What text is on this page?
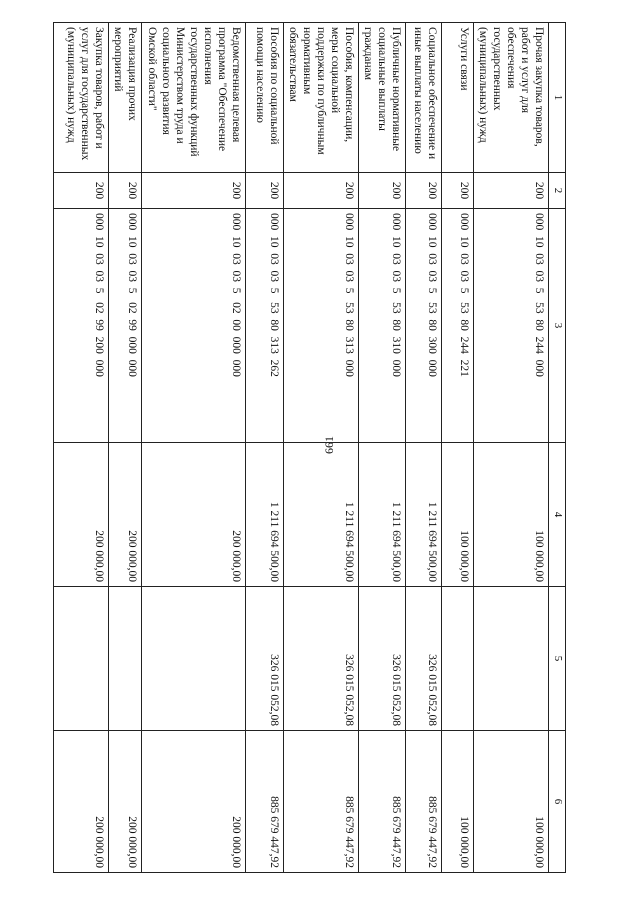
661
1	2	3	4	5	6
Прочая закупка товаров, работ и услуг для обеспечения государственных (муниципальных) нужд	200	000  10  03  03  5   53  80  244  000	100 000,00		100 000,00
Услуги связи	200	000  10  03  03  5   53  80  244  221	100 000,00		100 000,00
Социальное обеспечение и иные выплаты населению	200	000  10  03  03  5   53  80  300  000	1 211 694 500,00	326 015 052,08	885 679 447,92
Публичные нормативные социальные выплаты гражданам	200	000  10  03  03  5   53  80  310  000	1 211 694 500,00	326 015 052,08	885 679 447,92
Пособия, компенсации, меры социальной поддержки по публичным нормативным обязательствам	200	000  10  03  03  5   53  80  313  000	1 211 694 500,00	326 015 052,08	885 679 447,92
Пособия по социальной помощи населению	200	000  10  03  03  5   53  80  313  262	1 211 694 500,00	326 015 052,08	885 679 447,92
Ведомственная целевая программа "Обеспечение исполнения государственных функций Министерством труда и социального развития Омской области"	200	000  10  03  03  5   02  00  000  000	200 000,00		200 000,00
Реализация прочих мероприятий	200	000  10  03  03  5   02  99  000  000	200 000,00		200 000,00
Закупка товаров, работ и услуг для государственных (муниципальных) нужд	200	000  10  03  03  5   02  99  200  000	200 000,00		200 000,00
